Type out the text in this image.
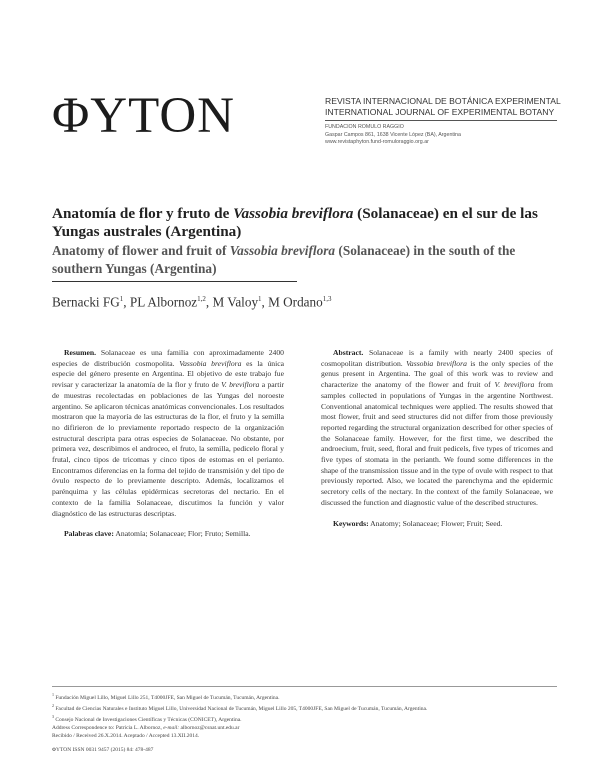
ΦYTON	REVISTA INTERNACIONAL DE BOTÁNICA EXPERIMENTAL
INTERNATIONAL JOURNAL OF EXPERIMENTAL BOTANY
FUNDACION ROMULO RAGGIO
Gaspar Campos 861, 1638 Vicente López (BA), Argentina
www.revistaphyton.fund-romuloraggio.org.ar
Anatomía de flor y fruto de Vassobia breviflora (Solanaceae) en el sur de las Yungas australes (Argentina)
Anatomy of flower and fruit of Vassobia breviflora (Solanaceae) in the south of the southern Yungas (Argentina)
Bernacki $FG^1$, PL Albornoz$^{1,2}$, M Valoy$^1$, M Ordano$^{1,3}$

Resumen. Solanaceae es una familia con aproximadamente 2400 especies de distribución cosmopolita. Vassobia breviflora es la única especie del género presente en Argentina. El objetivo de este trabajo fue revisar y caracterizar la anatomía de la flor y fruto de V. breviflora a partir de muestras recolectadas en poblaciones de las Yungas del noroeste argentino. Se aplicaron técnicas anatómicas convencionales. Los resultados mostraron que la mayoría de las estructuras de la flor, el fruto y la semilla no difirieron de lo previamente reportado respecto de la organización estructural descripta para otras especies de Solanaceae. No obstante, por primera vez, describimos el androceo, el fruto, la semilla, pedicelo floral y frutal, cinco tipos de tricomas y cinco tipos de estomas en el perianto. Encontramos diferencias en la forma del tejido de transmisión y del tipo de óvulo respecto de lo previamente descripto. Además, localizamos el parénquima y las células epidérmicas secretoras del nectario. En el contexto de la familia Solanaceae, discutimos la función y valor diagnóstico de las estructuras descriptas.

Palabras clave: Anatomía; Solanaceae; Flor; Fruto; Semilla.

Abstract. Solanaceae is a family with nearly 2400 species of cosmopolitan distribution. Vassobia breviflora is the only species of the genus present in Argentina. The goal of this work was to review and characterize the anatomy of the flower and fruit of V. breviflora from samples collected in populations of Yungas in the argentine Northwest. Conventional anatomical techniques were applied. The results showed that most flower, fruit and seed structures did not differ from those previously reported regarding the structural organization described for other species of the Solanaceae family. However, for the first time, we described the androecium, fruit, seed, floral and fruit pedicels, five types of tricomes and five types of stomata in the perianth. We found some differences in the shape of the transmission tissue and in the type of ovule with respect to that previously reported. Also, we located the parenchyma and the epidermic secretory cells of the nectary. In the context of the family Solanaceae, we discussed the function and diagnostic value of the described structures.

Keywords: Anatomy; Solanaceae; Flower; Fruit; Seed.

$^1$ Fundación Miguel Lillo, Miguel Lillo 251, T4000JFE, San Miguel de Tucumán, Tucumán, Argentina.
$^2$ Facultad de Ciencias Naturales e Instituto Miguel Lillo, Universidad Nacional de Tucumán, Miguel Lillo 205, T4000JFE, San Miguel de Tucumán, Tucumán, Argentina.
$^3$ Consejo Nacional de Investigaciones Científicas y Técnicas (CONICET), Argentina.
Address Correspondence to: Patricia L. Albornoz, e-mail: albornoz@csnat.unt.edu.ar
Recibido / Received 26.X.2014. Aceptado / Accepted 13.XII.2014.
ΦYTON ISSN 0031 9457 (2015) 84: 478-487
